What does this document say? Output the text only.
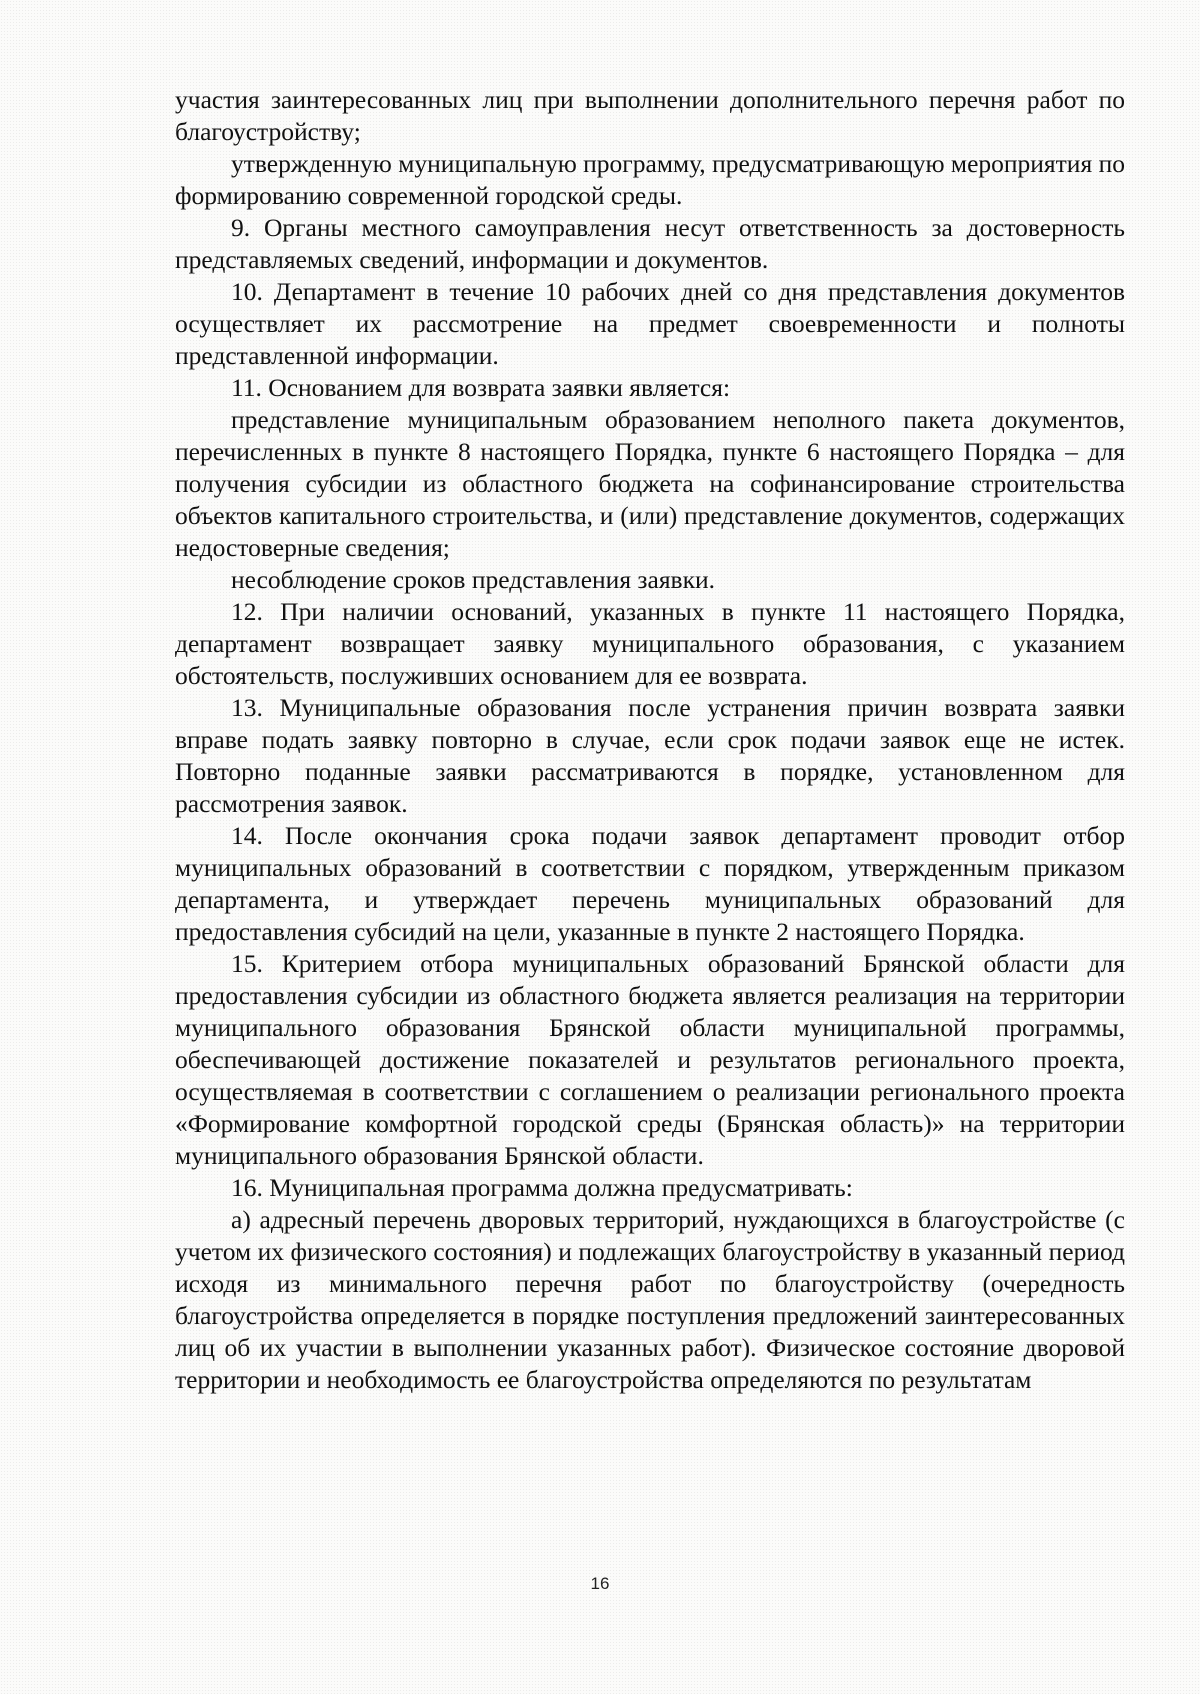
участия заинтересованных лиц при выполнении дополнительного перечня работ по благоустройству;

утвержденную муниципальную программу, предусматривающую мероприятия по формированию современной городской среды.

9. Органы местного самоуправления несут ответственность за достоверность представляемых сведений, информации и документов.

10. Департамент в течение 10 рабочих дней со дня представления документов осуществляет их рассмотрение на предмет своевременности и полноты представленной информации.

11. Основанием для возврата заявки является:

представление муниципальным образованием неполного пакета документов, перечисленных в пункте 8 настоящего Порядка, пункте 6 настоящего Порядка – для получения субсидии из областного бюджета на софинансирование строительства объектов капитального строительства, и (или) представление документов, содержащих недостоверные сведения;

несоблюдение сроков представления заявки.

12. При наличии оснований, указанных в пункте 11 настоящего Порядка, департамент возвращает заявку муниципального образования, с указанием обстоятельств, послуживших основанием для ее возврата.

13. Муниципальные образования после устранения причин возврата заявки вправе подать заявку повторно в случае, если срок подачи заявок еще не истек. Повторно поданные заявки рассматриваются в порядке, установленном для рассмотрения заявок.

14. После окончания срока подачи заявок департамент проводит отбор муниципальных образований в соответствии с порядком, утвержденным приказом департамента, и утверждает перечень муниципальных образований для предоставления субсидий на цели, указанные в пункте 2 настоящего Порядка.

15. Критерием отбора муниципальных образований Брянской области для предоставления субсидии из областного бюджета является реализация на территории муниципального образования Брянской области муниципальной программы, обеспечивающей достижение показателей и результатов регионального проекта, осуществляемая в соответствии с соглашением о реализации регионального проекта «Формирование комфортной городской среды (Брянская область)» на территории муниципального образования Брянской области.

16. Муниципальная программа должна предусматривать:

а) адресный перечень дворовых территорий, нуждающихся в благоустройстве (с учетом их физического состояния) и подлежащих благоустройству в указанный период исходя из минимального перечня работ по благоустройству (очередность благоустройства определяется в порядке поступления предложений заинтересованных лиц об их участии в выполнении указанных работ). Физическое состояние дворовой территории и необходимость ее благоустройства определяются по результатам

16
